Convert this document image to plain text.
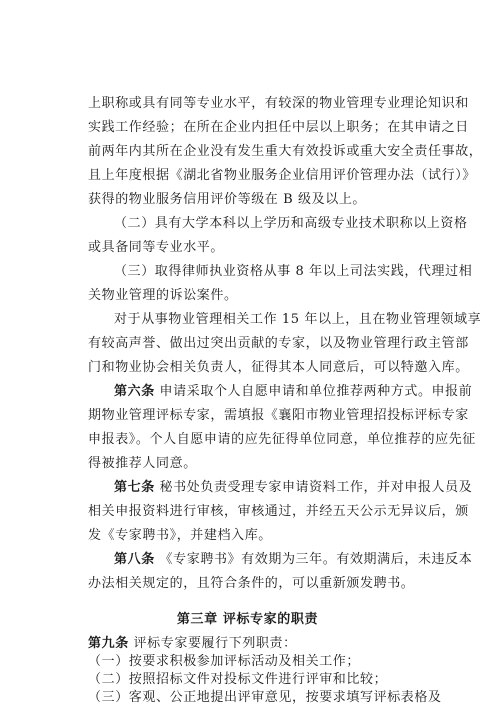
上职称或具有同等专业水平，有较深的物业管理专业理论知识和
实践工作经验；在所在企业内担任中层以上职务；在其申请之日
前两年内其所在企业没有发生重大有效投诉或重大安全责任事故，
且上年度根据《湖北省物业服务企业信用评价管理办法（试行）》
获得的物业服务信用评价等级在 B 级及以上。
（二）具有大学本科以上学历和高级专业技术职称以上资格
或具备同等专业水平。
（三）取得律师执业资格从事 8 年以上司法实践，代理过相
关物业管理的诉讼案件。
对于从事物业管理相关工作 15 年以上，且在物业管理领域享
有较高声誉、做出过突出贡献的专家，以及物业管理行政主管部
门和物业协会相关负责人，征得其本人同意后，可以特邀入库。
第六条 申请采取个人自愿申请和单位推荐两种方式。申报前
期物业管理评标专家，需填报《襄阳市物业管理招投标评标专家
申报表》。个人自愿申请的应先征得单位同意，单位推荐的应先征
得被推荐人同意。
第七条 秘书处负责受理专家申请资料工作，并对申报人员及
相关申报资料进行审核，审核通过，并经五天公示无异议后，颁
发《专家聘书》，并建档入库。
第八条 《专家聘书》有效期为三年。有效期满后，未违反本
办法相关规定的，且符合条件的，可以重新颁发聘书。
第三章 评标专家的职责
第九条 评标专家要履行下列职责：
（一）按要求积极参加评标活动及相关工作；
（二）按照招标文件对投标文件进行评审和比较；
（三）客观、公正地提出评审意见，按要求填写评标表格及
